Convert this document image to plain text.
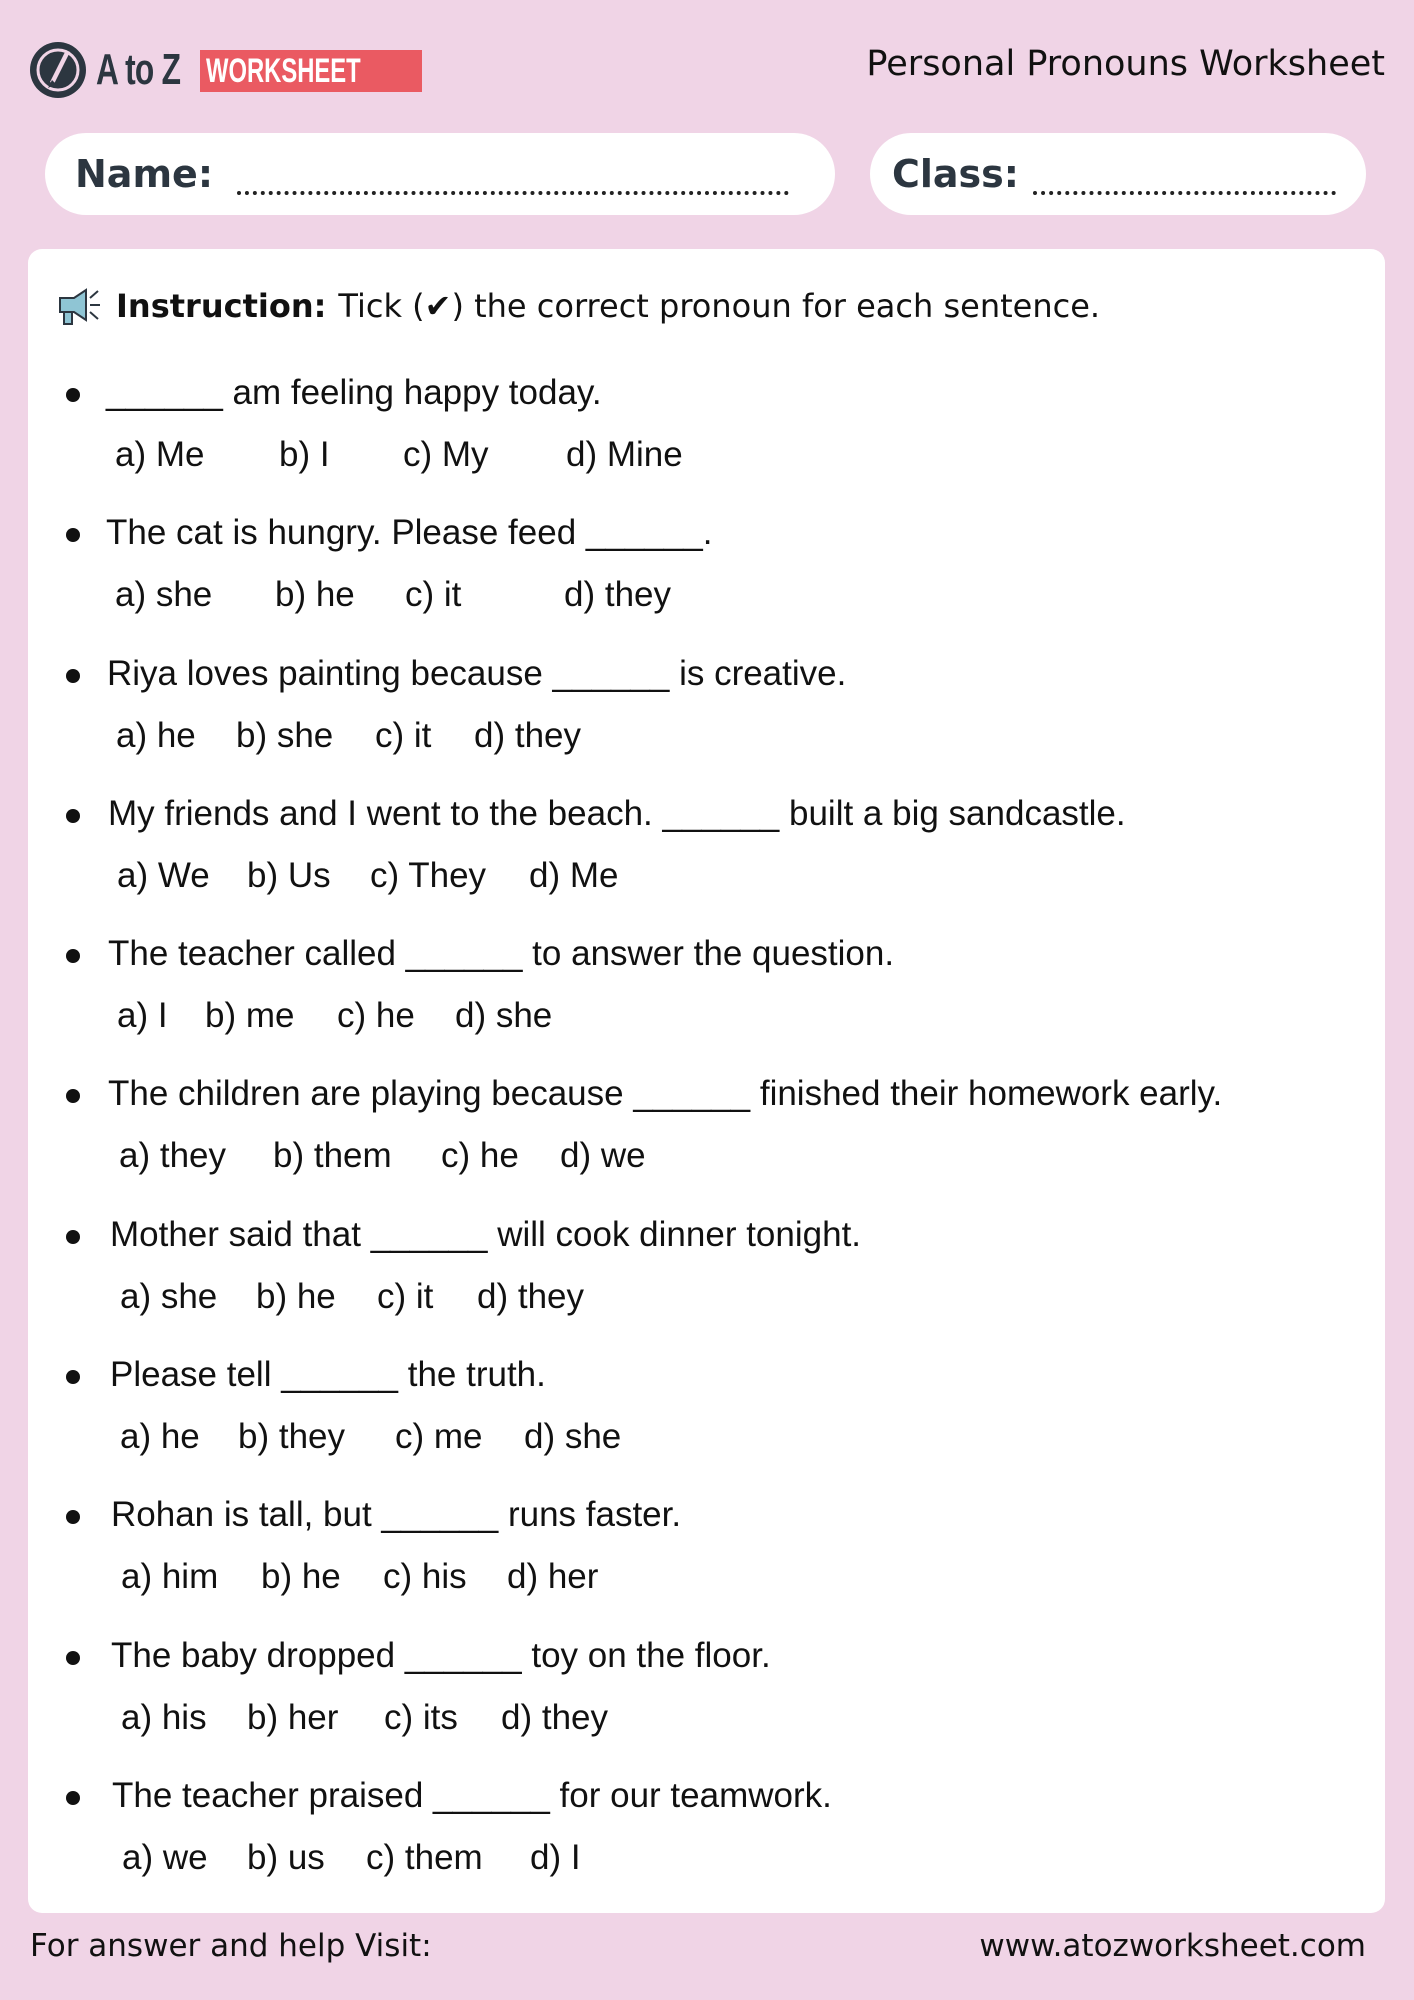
A to Z WORKSHEET	Personal Pronouns Worksheet
Name:	Class:
Instruction: Tick (✔) the correct pronoun for each sentence.
______ am feeling happy today.
a) Me b) I c) My d) Mine
The cat is hungry. Please feed ______.
a) she b) he c) it	d) they
Riya loves painting because ______ is creative.
a) he b) she c) it d) they
My friends and I went to the beach. ______ built a big sandcastle.
a) We b) Us c) They d) Me
The teacher called ______ to answer the question.
a) I b) me c) he d) she
The children are playing because ______ finished their homework early.
a) they b) them c) he d) we
Mother said that ______ will cook dinner tonight.
a) she b) he c) it d) they
Please tell ______ the truth.
a) he b) they c) me d) she
Rohan is tall, but ______ runs faster.
a) him b) he c) his d) her
The baby dropped ______ toy on the floor.
a) his b) her c) its d) they
The teacher praised ______ for our teamwork.
a) we b) us c) them d) I
For answer and help Visit:	www.atozworksheet.com
